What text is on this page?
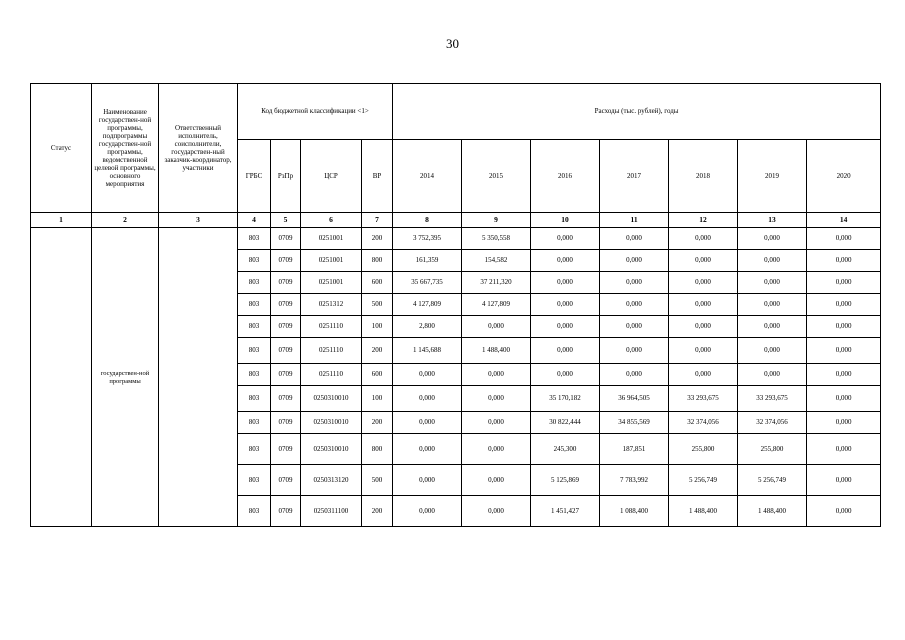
30
Статус	Наименование государствен-ной программы, подпрограммы государствен-ной программы, ведомственной целевой программы, основного мероприятия	Ответственный исполнитель, соисполнители, государствен-ный заказчик-координатор, участники	Код бюджетной классификации <1>				Расходы (тыс. рублей), годы						
			ГРБС	РзПр	ЦСР	ВР	2014	2015	2016	2017	2018	2019	2020
1	2	3	4	5	6	7	8	9	10	11	12	13	14

	государствен-ной программы		803	0709	0251001	200	3 752,395	5 350,558	0,000	0,000	0,000	0,000	0,000
			803	0709	0251001	800	161,359	154,582	0,000	0,000	0,000	0,000	0,000
			803	0709	0251001	600	35 667,735	37 211,320	0,000	0,000	0,000	0,000	0,000
			803	0709	0251312	500	4 127,809	4 127,809	0,000	0,000	0,000	0,000	0,000
			803	0709	0251110	100	2,800	0,000	0,000	0,000	0,000	0,000	0,000
			803	0709	0251110	200	1 145,688	1 488,400	0,000	0,000	0,000	0,000	0,000
			803	0709	0251110	600	0,000	0,000	0,000	0,000	0,000	0,000	0,000
			803	0709	0250310010	100	0,000	0,000	35 170,182	36 964,505	33 293,675	33 293,675	0,000
			803	0709	0250310010	200	0,000	0,000	30 822,444	34 855,569	32 374,056	32 374,056	0,000
			803	0709	0250310010	800	0,000	0,000	245,300	187,851	255,800	255,800	0,000
			803	0709	0250313120	500	0,000	0,000	5 125,869	7 783,992	5 256,749	5 256,749	0,000
			803	0709	0250311100	200	0,000	0,000	1 451,427	1 088,400	1 488,400	1 488,400	0,000
